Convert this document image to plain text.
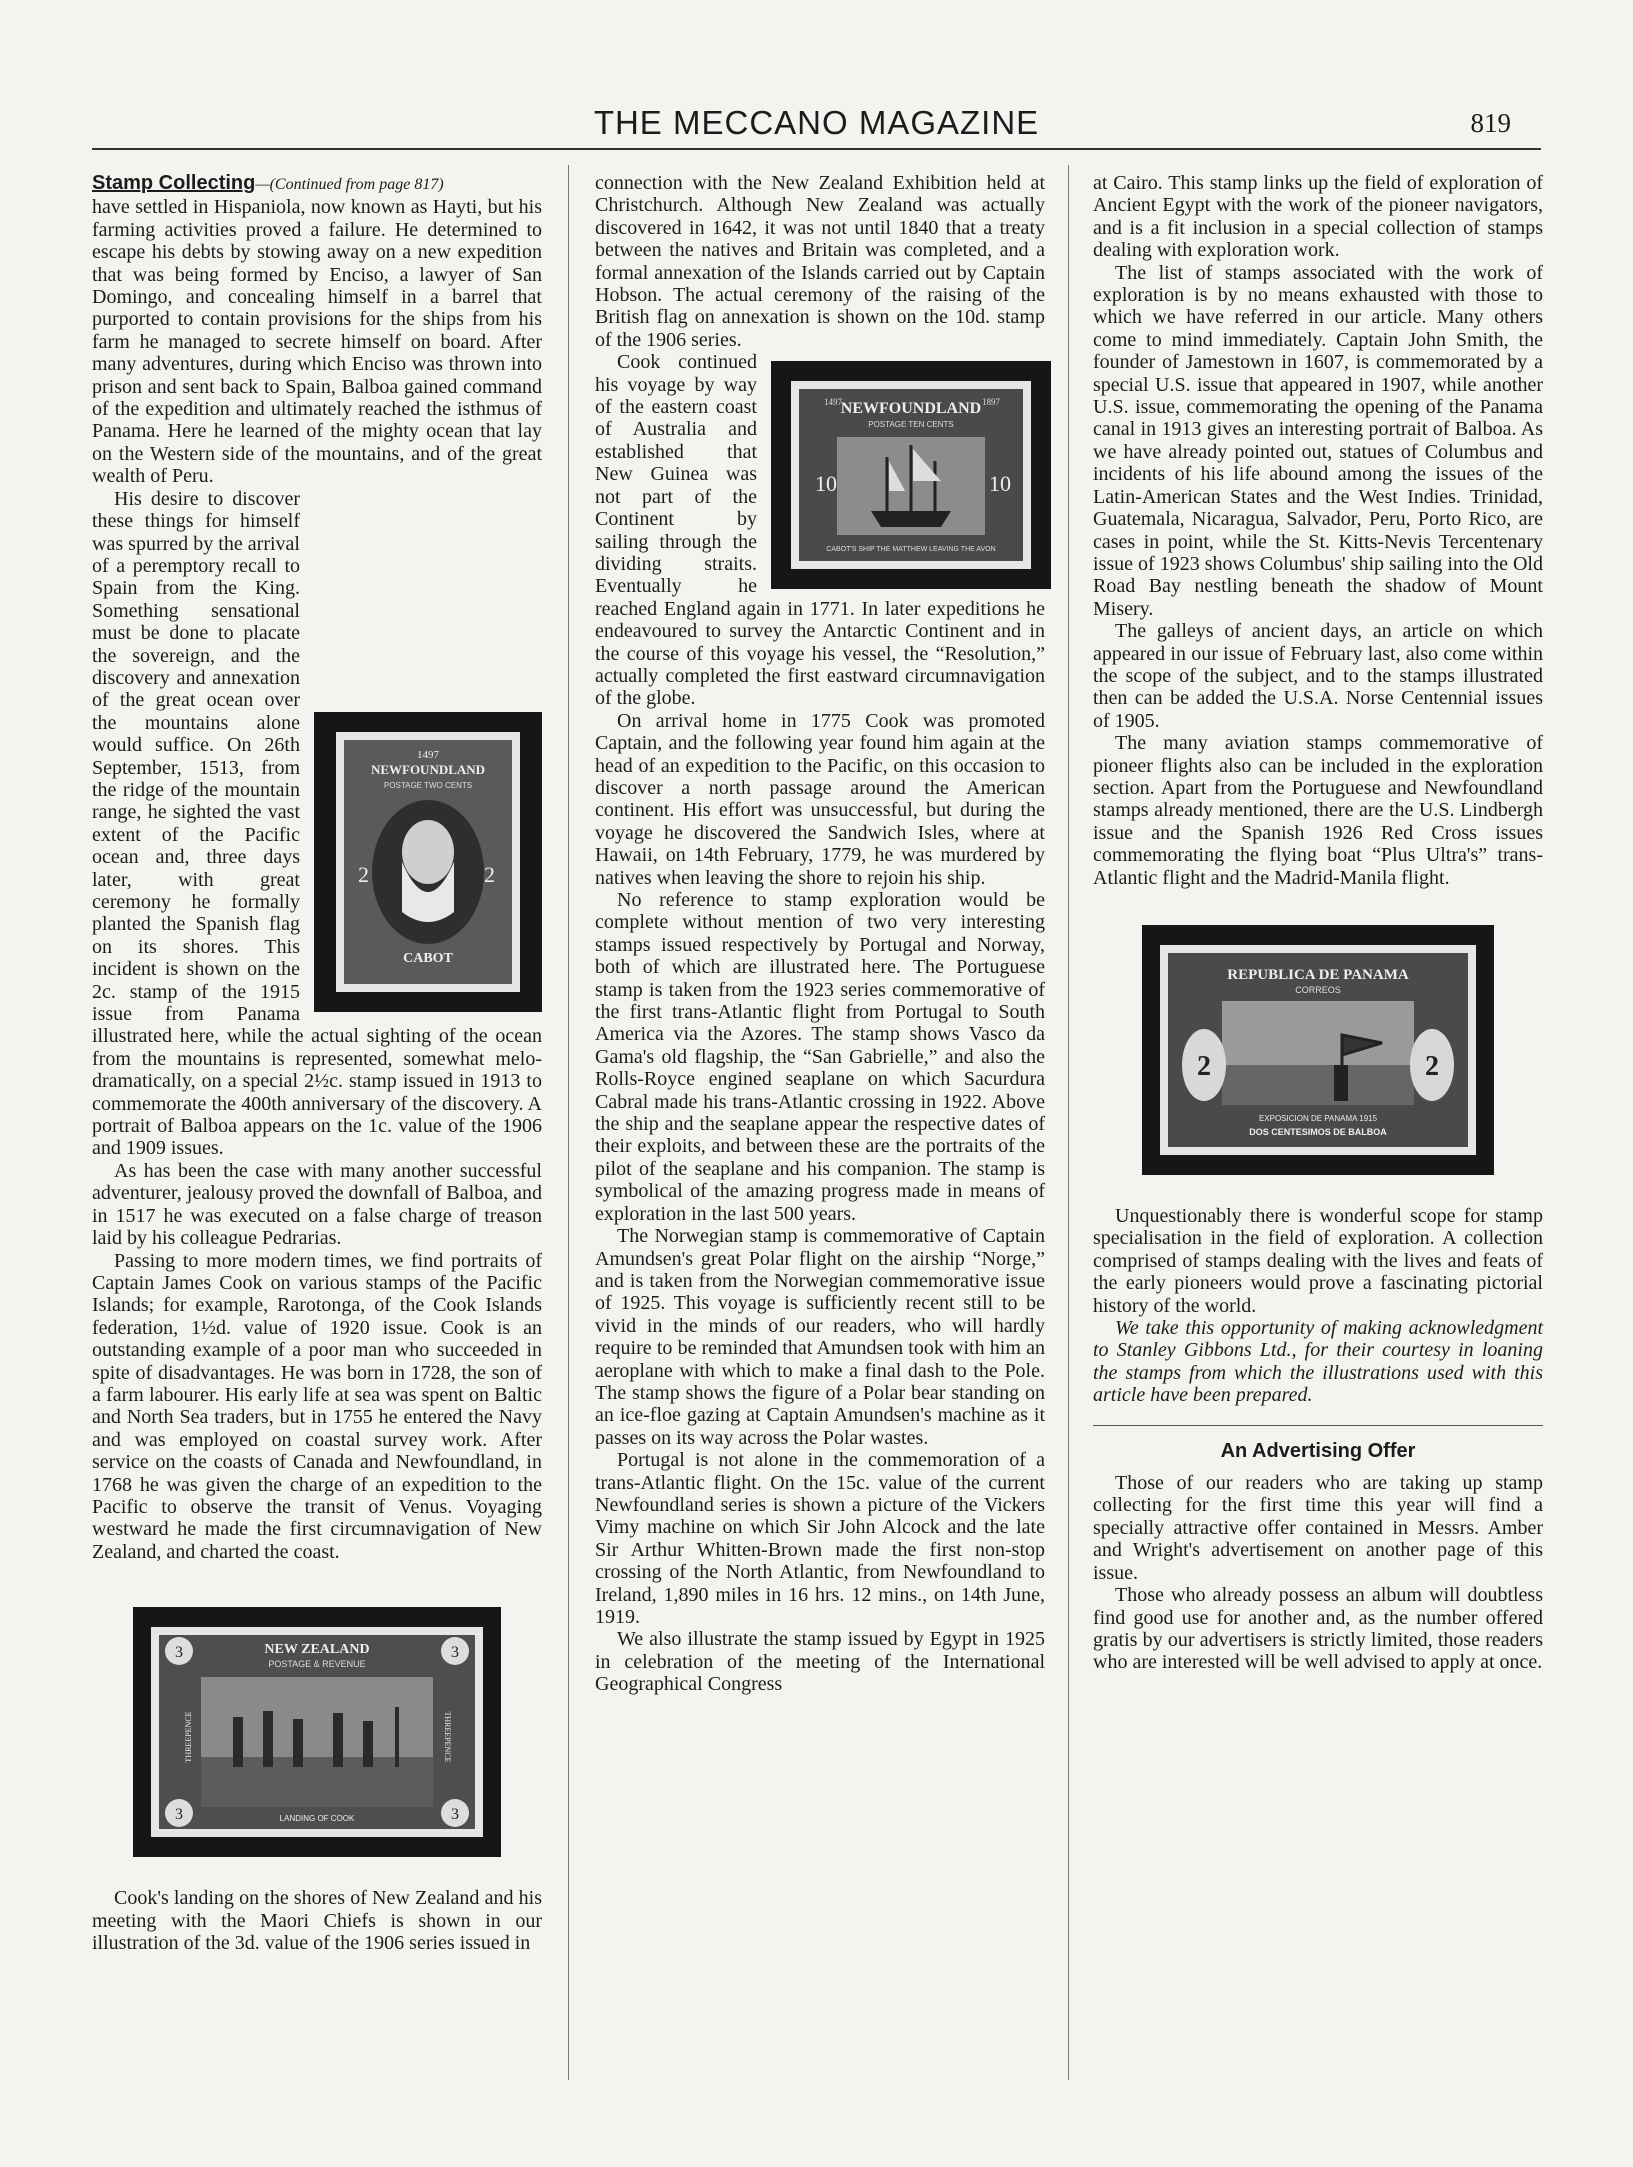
THE MECCANO MAGAZINE	819

Stamp Collecting—(Continued from page 817)

have settled in Hispaniola, now known as Hayti, but his farming activities proved a failure. He determined to escape his debts by stowing away on a new expedition that was being formed by Enciso, a lawyer of San Domingo, and concealing himself in a barrel that purported to contain provisions for the ships from his farm he managed to secrete himself on board. After many adventures, during which Enciso was thrown into prison and sent back to Spain, Balboa gained command of the expedition and ultimately reached the isthmus of Panama. Here he learned of the mighty ocean that lay on the Western side of the mountains, and of the great wealth of Peru.

1497
NEWFOUNDLAND
POSTAGE TWO CENTS
2	2
CABOT

His desire to discover these things for himself was spurred by the arrival of a peremptory recall to Spain from the King. Something sensational must be done to placate the sovereign, and the discovery and annexation of the great ocean over the mountains alone would suffice. On 26th September, 1513, from the ridge of the mountain range, he sighted the vast extent of the Pacific ocean and, three days later, with great ceremony he formally planted the Spanish flag on its shores. This incident is shown on the 2c. stamp of the 1915 issue from Panama illustrated here, while the actual sighting of the ocean from the mountains is represented, somewhat melo-dramatically, on a special 2½c. stamp issued in 1913 to commemorate the 400th anniversary of the discovery. A portrait of Balboa appears on the 1c. value of the 1906 and 1909 issues.

As has been the case with many another successful adventurer, jealousy proved the downfall of Balboa, and in 1517 he was executed on a false charge of treason laid by his colleague Pedrarias.

Passing to more modern times, we find portraits of Captain James Cook on various stamps of the Pacific Islands; for example, Rarotonga, of the Cook Islands federation, 1½d. value of 1920 issue. Cook is an outstanding example of a poor man who succeeded in spite of disadvantages. He was born in 1728, the son of a farm labourer. His early life at sea was spent on Baltic and North Sea traders, but in 1755 he entered the Navy and was employed on coastal survey work. After service on the coasts of Canada and Newfoundland, in 1768 he was given the charge of an expedition to the Pacific to observe the transit of Venus. Voyaging westward he made the first circumnavigation of New Zealand, and charted the coast.

NEW ZEALAND
POSTAGE & REVENUE
3	3
3	3
THREEPENCE	THREEPENCE
LANDING OF COOK

Cook's landing on the shores of New Zealand and his meeting with the Maori Chiefs is shown in our illustration of the 3d. value of the 1906 series issued in

connection with the New Zealand Exhibition held at Christchurch. Although New Zealand was actually discovered in 1642, it was not until 1840 that a treaty between the natives and Britain was completed, and a formal annexation of the Islands carried out by Captain Hobson. The actual ceremony of the raising of the British flag on annexation is shown on the 10d. stamp of the 1906 series.

NEWFOUNDLAND
1497	1897
POSTAGE TEN CENTS
10	10
CABOT'S SHIP THE MATTHEW LEAVING THE AVON

Cook continued his voyage by way of the eastern coast of Australia and established that New Guinea was not part of the Continent by sailing through the dividing straits. Eventually he reached England again in 1771. In later expeditions he endeavoured to survey the Antarctic Continent and in the course of this voyage his vessel, the “Resolution,” actually completed the first eastward circumnavigation of the globe.

On arrival home in 1775 Cook was promoted Captain, and the following year found him again at the head of an expedition to the Pacific, on this occasion to discover a north passage around the American continent. His effort was unsuccessful, but during the voyage he discovered the Sandwich Isles, where at Hawaii, on 14th February, 1779, he was murdered by natives when leaving the shore to rejoin his ship.

No reference to stamp exploration would be complete without mention of two very interesting stamps issued respectively by Portugal and Norway, both of which are illustrated here. The Portuguese stamp is taken from the 1923 series commemorative of the first trans-Atlantic flight from Portugal to South America via the Azores. The stamp shows Vasco da Gama's old flagship, the “San Gabrielle,” and also the Rolls-Royce engined seaplane on which Sacurdura Cabral made his trans-Atlantic crossing in 1922. Above the ship and the seaplane appear the respective dates of their exploits, and between these are the portraits of the pilot of the seaplane and his companion. The stamp is symbolical of the amazing progress made in means of exploration in the last 500 years.

The Norwegian stamp is commemorative of Captain Amundsen's great Polar flight on the airship “Norge,” and is taken from the Norwegian commemorative issue of 1925. This voyage is sufficiently recent still to be vivid in the minds of our readers, who will hardly require to be reminded that Amundsen took with him an aeroplane with which to make a final dash to the Pole. The stamp shows the figure of a Polar bear standing on an ice-floe gazing at Captain Amundsen's machine as it passes on its way across the Polar wastes.

Portugal is not alone in the commemoration of a trans-Atlantic flight. On the 15c. value of the current Newfoundland series is shown a picture of the Vickers Vimy machine on which Sir John Alcock and the late Sir Arthur Whitten-Brown made the first non-stop crossing of the North Atlantic, from Newfoundland to Ireland, 1,890 miles in 16 hrs. 12 mins., on 14th June, 1919.

We also illustrate the stamp issued by Egypt in 1925 in celebration of the meeting of the International Geographical Congress

at Cairo. This stamp links up the field of exploration of Ancient Egypt with the work of the pioneer navigators, and is a fit inclusion in a special collection of stamps dealing with exploration work.

The list of stamps associated with the work of exploration is by no means exhausted with those to which we have referred in our article. Many others come to mind immediately. Captain John Smith, the founder of Jamestown in 1607, is commemorated by a special U.S. issue that appeared in 1907, while another U.S. issue, commemorating the opening of the Panama canal in 1913 gives an interesting portrait of Balboa. As we have already pointed out, statues of Columbus and incidents of his life abound among the issues of the Latin-American States and the West Indies. Trinidad, Guatemala, Nicaragua, Salvador, Peru, Porto Rico, are cases in point, while the St. Kitts-Nevis Tercentenary issue of 1923 shows Columbus' ship sailing into the Old Road Bay nestling beneath the shadow of Mount Misery.

The galleys of ancient days, an article on which appeared in our issue of February last, also come within the scope of the subject, and to the stamps illustrated then can be added the U.S.A. Norse Centennial issues of 1905.

The many aviation stamps commemorative of pioneer flights also can be included in the exploration section. Apart from the Portuguese and Newfoundland stamps already mentioned, there are the U.S. Lindbergh issue and the Spanish 1926 Red Cross issues commemorating the flying boat “Plus Ultra's” trans-Atlantic flight and the Madrid-Manila flight.

REPUBLICA DE PANAMA
CORREOS
2	2
EXPOSICION DE PANAMA 1915
DOS CENTESIMOS DE BALBOA

Unquestionably there is wonderful scope for stamp specialisation in the field of exploration. A collection comprised of stamps dealing with the lives and feats of the early pioneers would prove a fascinating pictorial history of the world.

We take this opportunity of making acknowledgment to Stanley Gibbons Ltd., for their courtesy in loaning the stamps from which the illustrations used with this article have been prepared.

An Advertising Offer

Those of our readers who are taking up stamp collecting for the first time this year will find a specially attractive offer contained in Messrs. Amber and Wright's advertisement on another page of this issue.

Those who already possess an album will doubtless find good use for another and, as the number offered gratis by our advertisers is strictly limited, those readers who are interested will be well advised to apply at once.
